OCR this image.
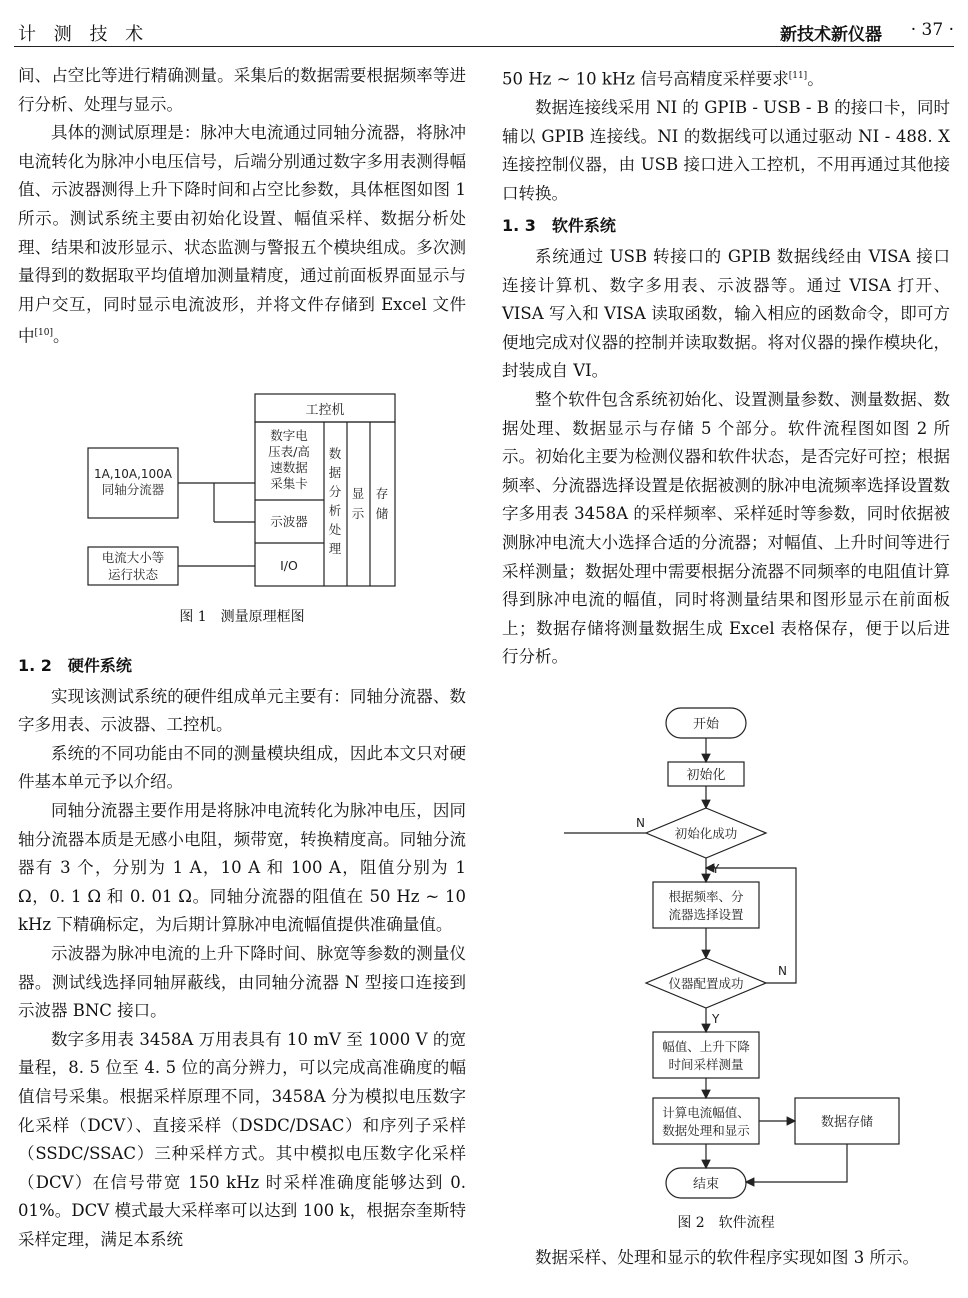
计 测 技 术	新技术新仪器 · 37 ·

间、占空比等进行精确测量。采集后的数据需要根据频率等进行分析、处理与显示。

具体的测试原理是：脉冲大电流通过同轴分流器，将脉冲电流转化为脉冲小电压信号，后端分别通过数字多用表测得幅值、示波器测得上升下降时间和占空比参数，具体框图如图 1 所示。测试系统主要由初始化设置、幅值采样、数据分析处理、结果和波形显示、状态监测与警报五个模块组成。多次测量得到的数据取平均值增加测量精度，通过前面板界面显示与用户交互，同时显示电流波形，并将文件存储到 Excel 文件中[10]。

工控机
数字电
压表/高
速数据
采集卡
示波器
I/O
数
据
分
析
处
理
显
示
存
储
1A,10A,100A
同轴分流器
电流大小等
运行状态
图 1　测量原理框图

1. 2　硬件系统

实现该测试系统的硬件组成单元主要有：同轴分流器、数字多用表、示波器、工控机。

系统的不同功能由不同的测量模块组成，因此本文只对硬件基本单元予以介绍。

同轴分流器主要作用是将脉冲电流转化为脉冲电压，因同轴分流器本质是无感小电阻，频带宽，转换精度高。同轴分流器有 3 个，分别为 1 A，10 A 和 100 A，阻值分别为 1 Ω，0. 1 Ω 和 0. 01 Ω。同轴分流器的阻值在 50 Hz ~ 10 kHz 下精确标定，为后期计算脉冲电流幅值提供准确量值。

示波器为脉冲电流的上升下降时间、脉宽等参数的测量仪器。测试线选择同轴屏蔽线，由同轴分流器 N 型接口连接到示波器 BNC 接口。

数字多用表 3458A 万用表具有 10 mV 至 1000 V 的宽量程，8. 5 位至 4. 5 位的高分辨力，可以完成高准确度的幅值信号采集。根据采样原理不同，3458A 分为模拟电压数字化采样（DCV）、直接采样（DSDC/DSAC）和序列子采样（SSDC/SSAC）三种采样方式。其中模拟电压数字化采样（DCV）在信号带宽 150 kHz 时采样准确度能够达到 0. 01%。DCV 模式最大采样率可以达到 100 k，根据奈奎斯特采样定理，满足本系统

50 Hz ~ 10 kHz 信号高精度采样要求[11]。

数据连接线采用 NI 的 GPIB - USB - B 的接口卡，同时辅以 GPIB 连接线。NI 的数据线可以通过驱动 NI - 488. X 连接控制仪器，由 USB 接口进入工控机，不用再通过其他接口转换。

1. 3　软件系统

系统通过 USB 转接口的 GPIB 数据线经由 VISA 接口连接计算机、数字多用表、示波器等。通过 VISA 打开、VISA 写入和 VISA 读取函数，输入相应的函数命令，即可方便地完成对仪器的控制并读取数据。将对仪器的操作模块化，封装成自 VI。

整个软件包含系统初始化、设置测量参数、测量数据、数据处理、数据显示与存储 5 个部分。软件流程图如图 2 所示。初始化主要为检测仪器和软件状态，是否完好可控；根据频率、分流器选择设置是依据被测的脉冲电流频率选择设置数字多用表 3458A 的采样频率、采样延时等参数，同时依据被测脉冲电流大小选择合适的分流器；对幅值、上升时间等进行采样测量；数据处理中需要根据分流器不同频率的电阻值计算得到脉冲电流的幅值，同时将测量结果和图形显示在前面板上；数据存储将测量数据生成 Excel 表格保存，便于以后进行分析。

开始
初始化
初始化成功
根据频率、分
流器选择设置
仪器配置成功
幅值、上升下降
时间采样测量
计算电流幅值、
数据处理和显示
数据存储
结束
Y
Y
N
N
图 2　软件流程

数据采样、处理和显示的软件程序实现如图 3 所示。
